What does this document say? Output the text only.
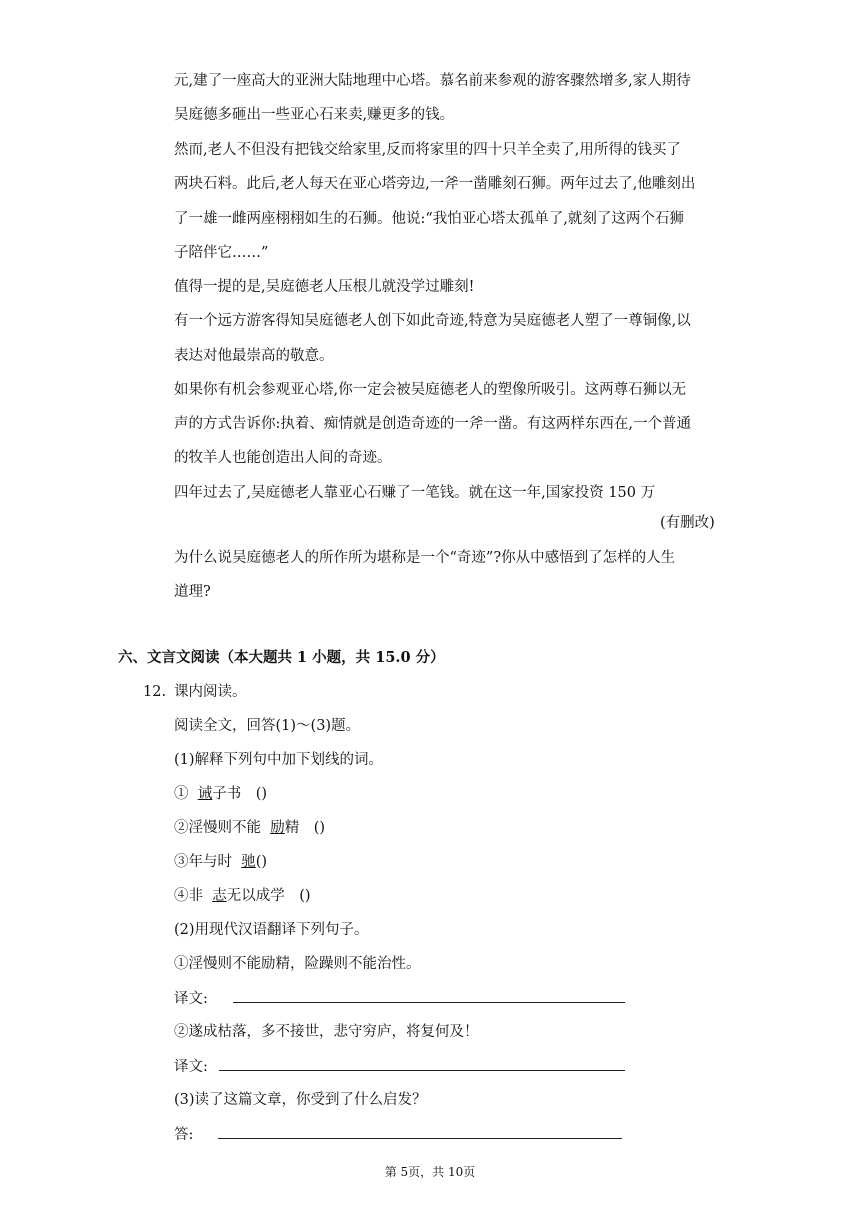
元,建了一座高大的亚洲大陆地理中心塔。慕名前来参观的游客骤然增多,家人期待
吴庭德多砸出一些亚心石来卖,赚更多的钱。
然而,老人不但没有把钱交给家里,反而将家里的四十只羊全卖了,用所得的钱买了
两块石料。此后,老人每天在亚心塔旁边,一斧一凿雕刻石狮。两年过去了,他雕刻出
了一雄一雌两座栩栩如生的石狮。他说:“我怕亚心塔太孤单了,就刻了这两个石狮
子陪伴它……”
值得一提的是,吴庭德老人压根儿就没学过雕刻!
有一个远方游客得知吴庭德老人创下如此奇迹,特意为吴庭德老人塑了一尊铜像,以
表达对他最崇高的敬意。
如果你有机会参观亚心塔,你一定会被吴庭德老人的塑像所吸引。这两尊石狮以无
声的方式告诉你:执着、痴情就是创造奇迹的一斧一凿。有这两样东西在,一个普通
的牧羊人也能创造出人间的奇迹。
四年过去了,吴庭德老人靠亚心石赚了一笔钱。就在这一年,国家投资 150 万
(有删改)
为什么说吴庭德老人的所作所为堪称是一个“奇迹”?你从中感悟到了怎样的人生
道理?
六、文言文阅读（本大题共 1 小题，共 15.0 分）
12. 课内阅读。
阅读全文，回答(1)～(3)题。
(1)解释下列句中加下划线的词。
① 诫子书　()
②淫慢则不能 励精　()
③年与时 驰()
④非 志无以成学　()
(2)用现代汉语翻译下列句子。
①淫慢则不能励精，险躁则不能治性。
译文:
②遂成枯落，多不接世，悲守穷庐，将复何及！
译文:
(3)读了这篇文章，你受到了什么启发？
答:
第 5页，共 10页
